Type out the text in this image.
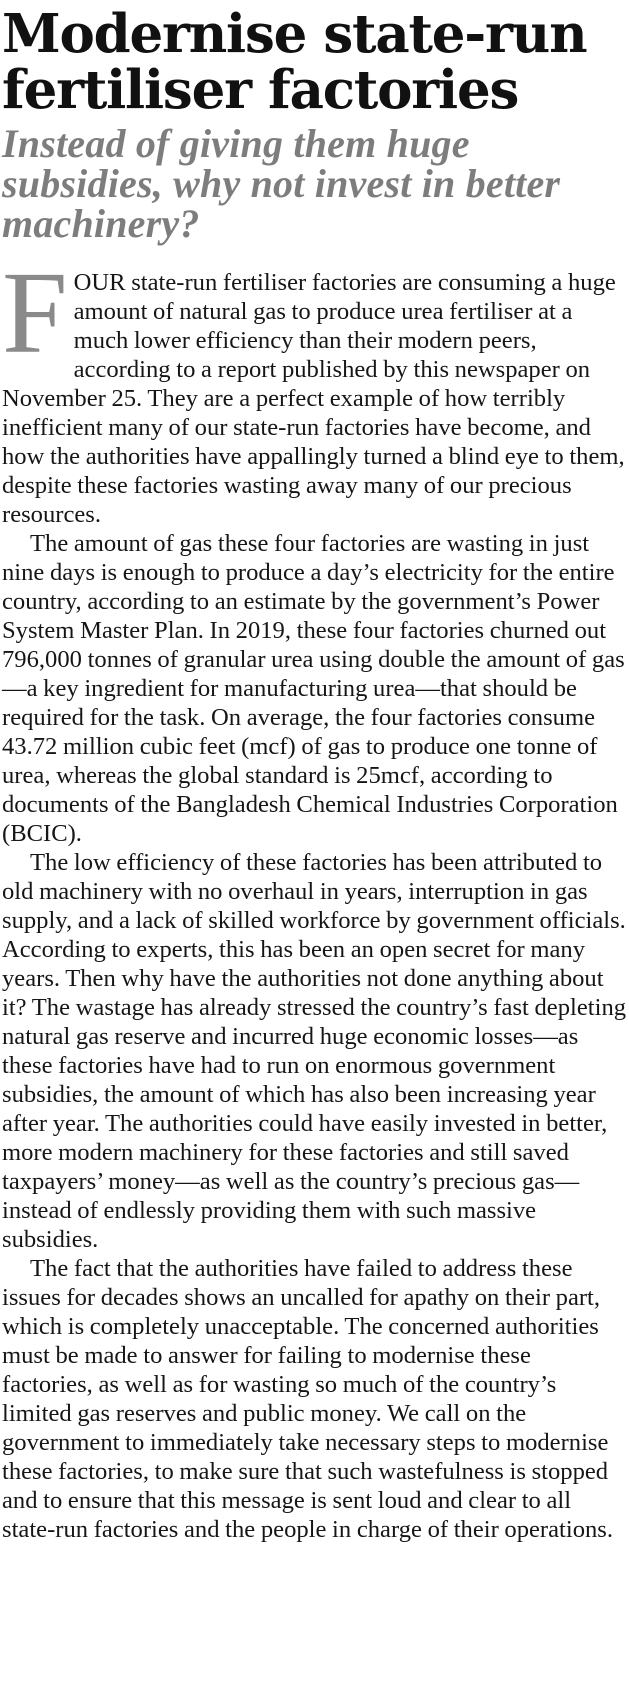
Modernise state-run fertiliser factories
Instead of giving them huge subsidies, why not invest in better machinery?

FOUR state-run fertiliser factories are consuming a huge amount of natural gas to produce urea fertiliser at a much lower efficiency than their modern peers, according to a report published by this newspaper on November 25. They are a perfect example of how terribly inefficient many of our state-run factories have become, and how the authorities have appallingly turned a blind eye to them, despite these factories wasting away many of our precious resources.

The amount of gas these four factories are wasting in just nine days is enough to produce a day’s electricity for the entire country, according to an estimate by the government’s Power System Master Plan. In 2019, these four factories churned out 796,000 tonnes of granular urea using double the amount of gas—a key ingredient for manufacturing urea—that should be required for the task. On average, the four factories consume 43.72 million cubic feet (mcf) of gas to produce one tonne of urea, whereas the global standard is 25mcf, according to documents of the Bangladesh Chemical Industries Corporation (BCIC).

The low efficiency of these factories has been attributed to old machinery with no overhaul in years, interruption in gas supply, and a lack of skilled workforce by government officials. According to experts, this has been an open secret for many years. Then why have the authorities not done anything about it? The wastage has already stressed the country’s fast depleting natural gas reserve and incurred huge economic losses—as these factories have had to run on enormous government subsidies, the amount of which has also been increasing year after year. The authorities could have easily invested in better, more modern machinery for these factories and still saved taxpayers’ money—as well as the country’s precious gas—instead of endlessly providing them with such massive subsidies.

The fact that the authorities have failed to address these issues for decades shows an uncalled for apathy on their part, which is completely unacceptable. The concerned authorities must be made to answer for failing to modernise these factories, as well as for wasting so much of the country’s limited gas reserves and public money. We call on the government to immediately take necessary steps to modernise these factories, to make sure that such wastefulness is stopped and to ensure that this message is sent loud and clear to all state-run factories and the people in charge of their operations.
